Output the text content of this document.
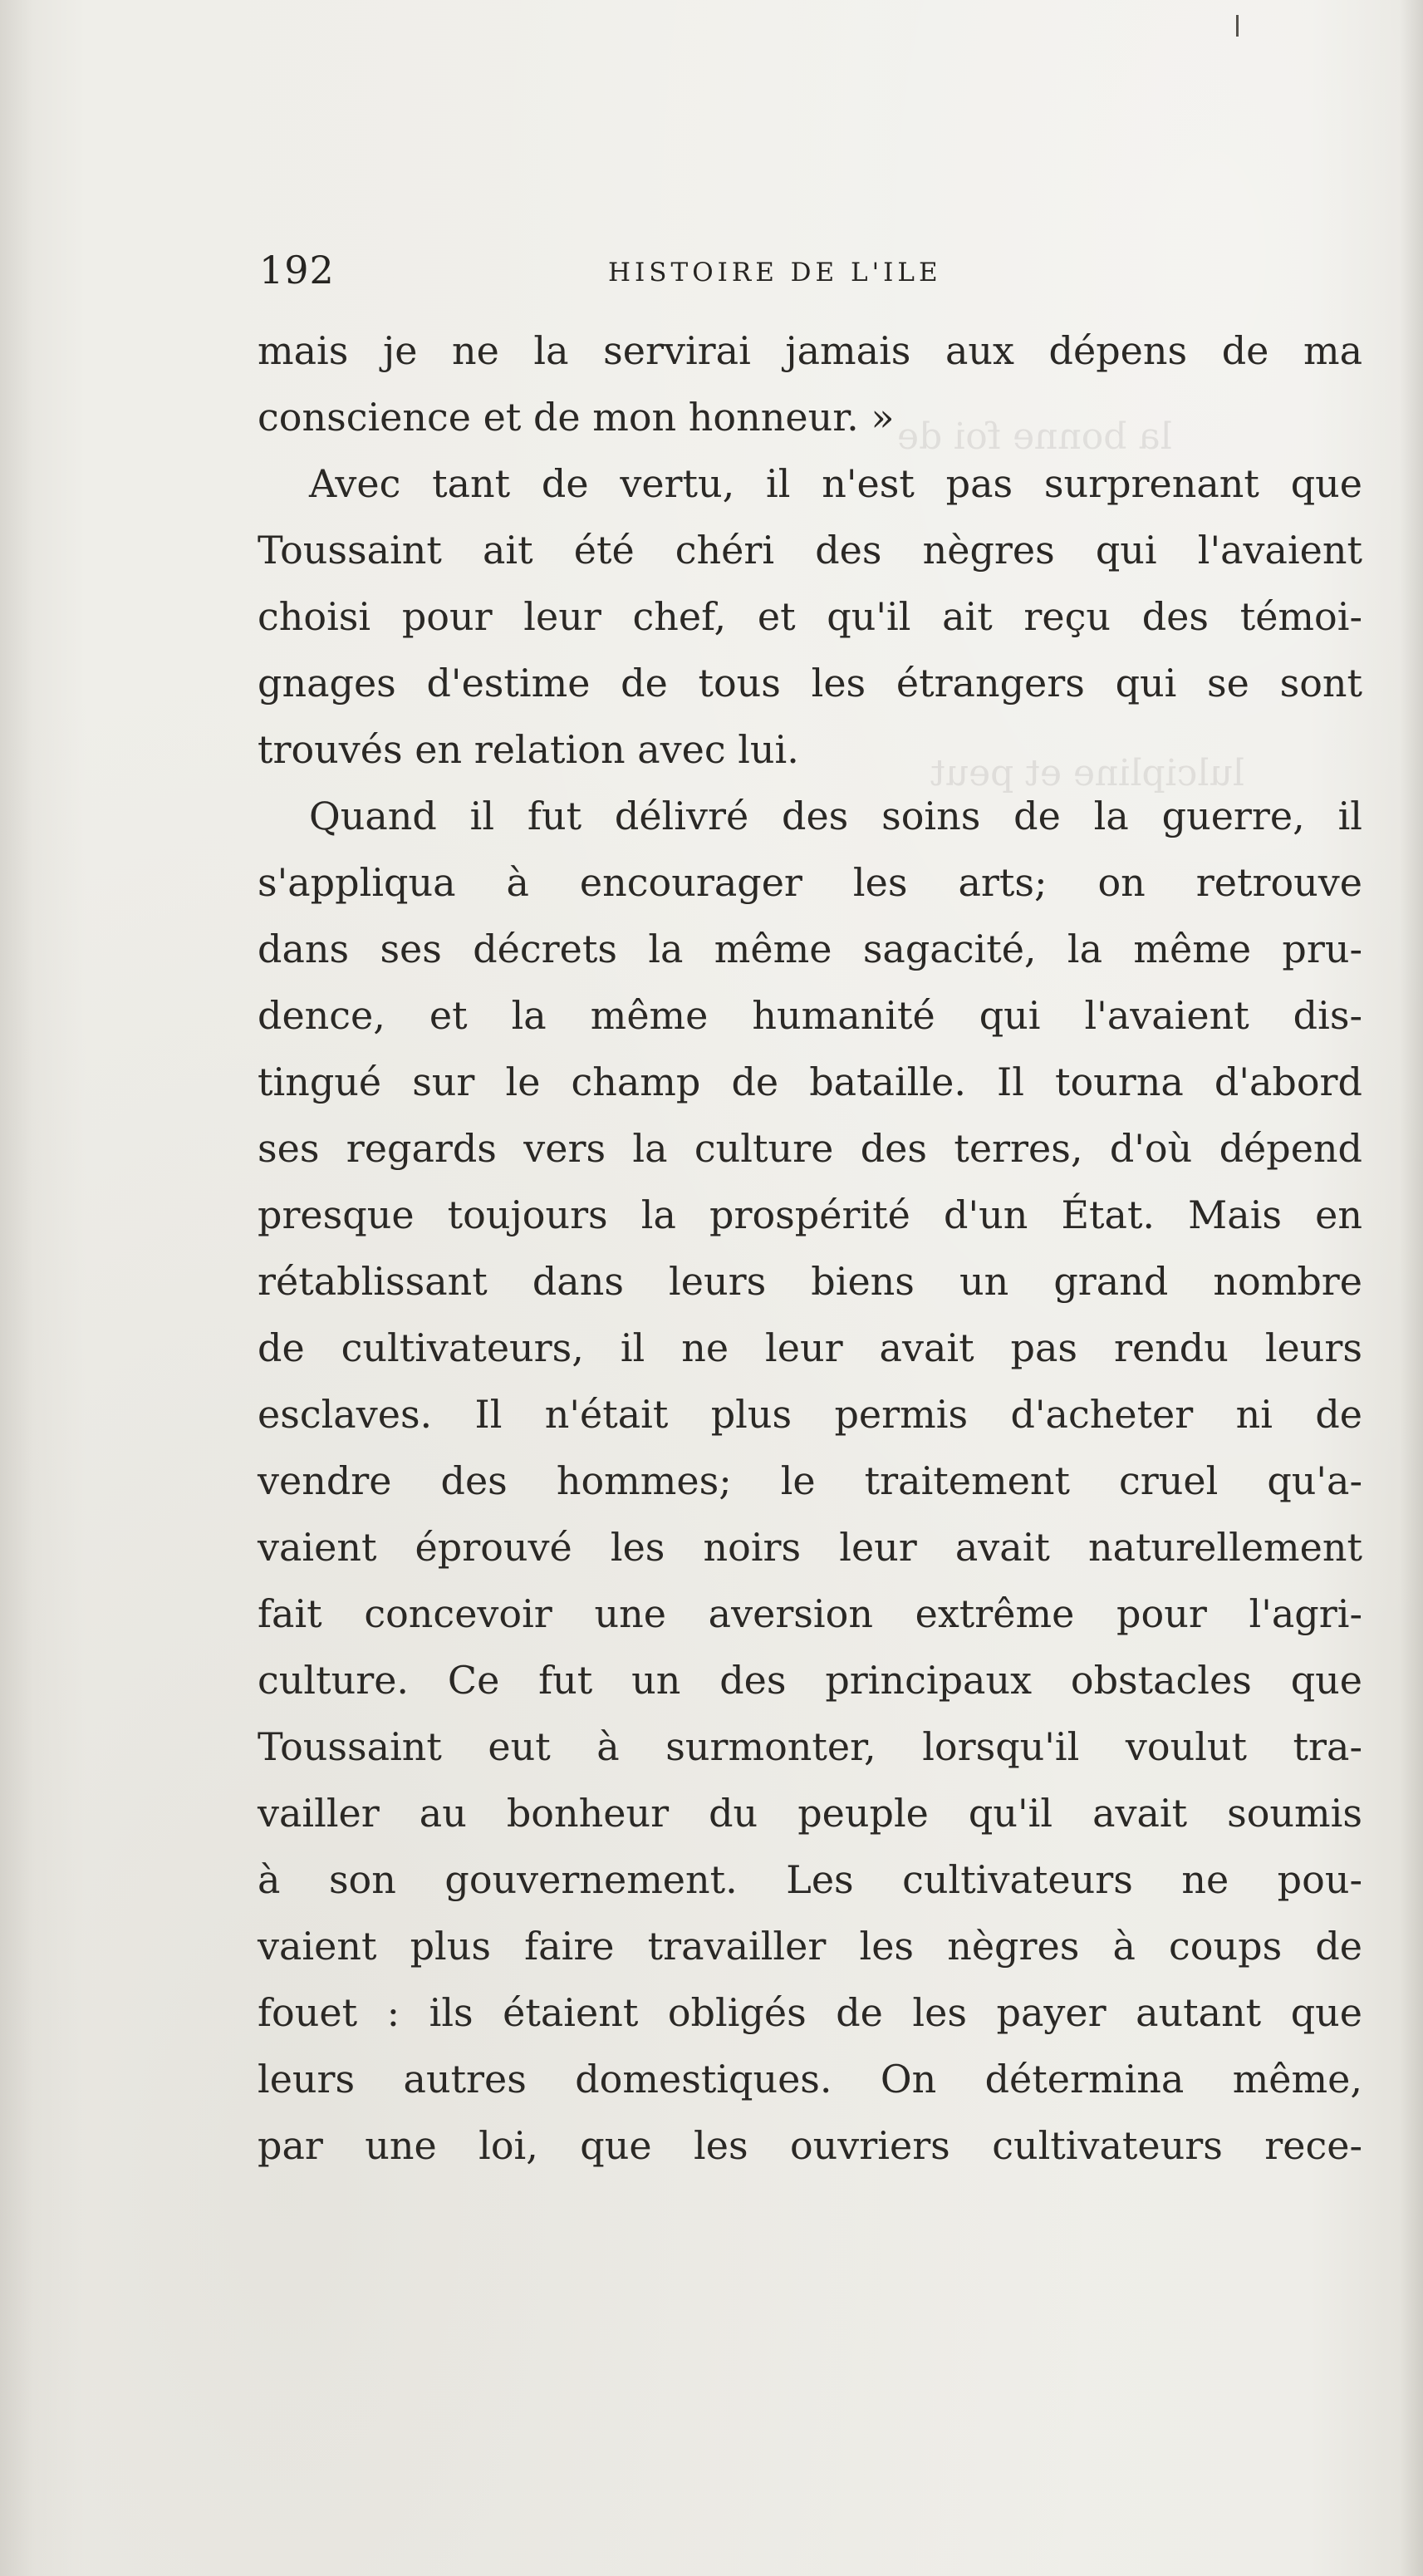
la bonne foi de
lulcipline et peut
192	HISTOIRE DE L'ILE
mais je ne la servirai jamais aux dépens de ma
conscience et de mon honneur. »
Avec tant de vertu, il n'est pas surprenant que
Toussaint ait été chéri des nègres qui l'avaient
choisi pour leur chef, et qu'il ait reçu des témoi-
gnages d'estime de tous les étrangers qui se sont
trouvés en relation avec lui.
Quand il fut délivré des soins de la guerre, il
s'appliqua à encourager les arts; on retrouve
dans ses décrets la même sagacité, la même pru-
dence, et la même humanité qui l'avaient dis-
tingué sur le champ de bataille. Il tourna d'abord
ses regards vers la culture des terres, d'où dépend
presque toujours la prospérité d'un État. Mais en
rétablissant dans leurs biens un grand nombre
de cultivateurs, il ne leur avait pas rendu leurs
esclaves. Il n'était plus permis d'acheter ni de
vendre des hommes; le traitement cruel qu'a-
vaient éprouvé les noirs leur avait naturellement
fait concevoir une aversion extrême pour l'agri-
culture. Ce fut un des principaux obstacles que
Toussaint eut à surmonter, lorsqu'il voulut tra-
vailler au bonheur du peuple qu'il avait soumis
à son gouvernement. Les cultivateurs ne pou-
vaient plus faire travailler les nègres à coups de
fouet : ils étaient obligés de les payer autant que
leurs autres domestiques. On détermina même,
par une loi, que les ouvriers cultivateurs rece-
